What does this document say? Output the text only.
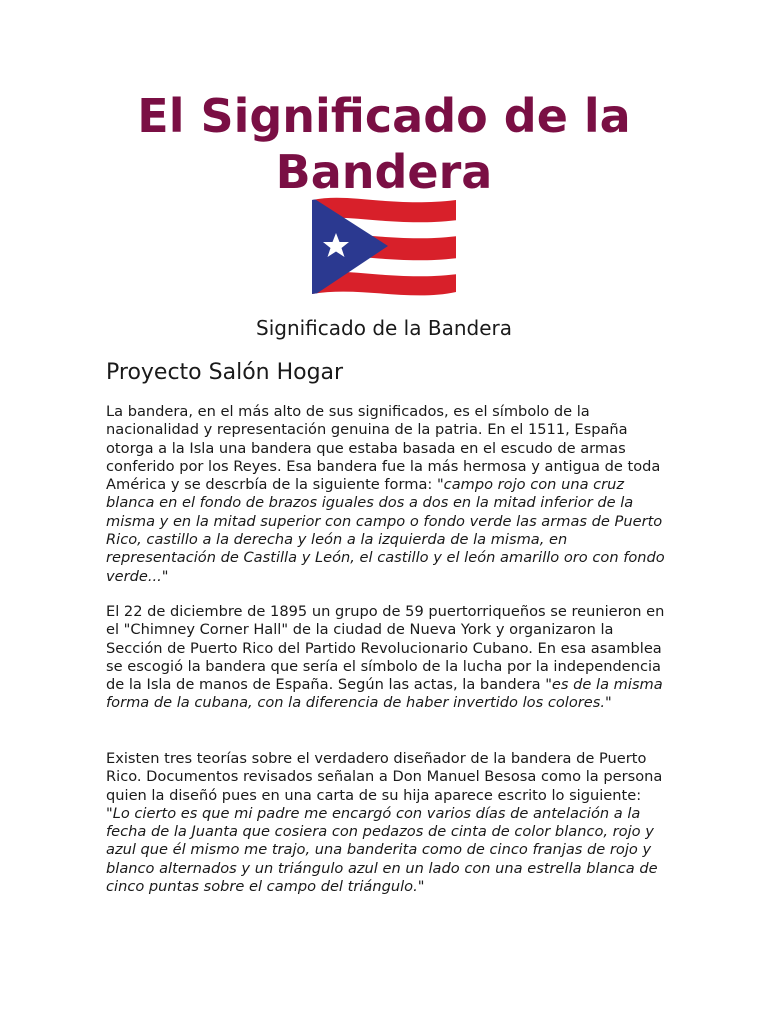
El Significado de la Bandera
Significado de la Bandera
Proyecto Salón Hogar

La bandera, en el más alto de sus significados, es el símbolo de la nacionalidad y representación genuina de la patria. En el 1511, España otorga a la Isla una bandera que estaba basada en el escudo de armas conferido por los Reyes. Esa bandera fue la más hermosa y antigua de toda América y se descrbía de la siguiente forma: "campo rojo con una cruz blanca en el fondo de brazos iguales dos a dos en la mitad inferior de la misma y en la mitad superior con campo o fondo verde las armas de Puerto Rico, castillo a la derecha y león a la izquierda de la misma, en representación de Castilla y León, el castillo y el león amarillo oro con fondo verde..."

El 22 de diciembre de 1895 un grupo de 59 puertorriqueños se reunieron en el "Chimney Corner Hall" de la ciudad de Nueva York y organizaron la Sección de Puerto Rico del Partido Revolucionario Cubano. En esa asamblea se escogió la bandera que sería el símbolo de la lucha por la independencia de la Isla de manos de España. Según las actas, la bandera "es de la misma forma de la cubana, con la diferencia de haber invertido los colores."

Existen tres teorías sobre el verdadero diseñador de la bandera de Puerto Rico. Documentos revisados señalan a Don Manuel Besosa como la persona quien la diseñó pues en una carta de su hija aparece escrito lo siguiente: "Lo cierto es que mi padre me encargó con varios días de antelación a la fecha de la Juanta que cosiera con pedazos de cinta de color blanco, rojo y azul que él mismo me trajo, una banderita como de cinco franjas de rojo y blanco alternados y un triángulo azul en un lado con una estrella blanca de cinco puntas sobre el campo del triángulo."
